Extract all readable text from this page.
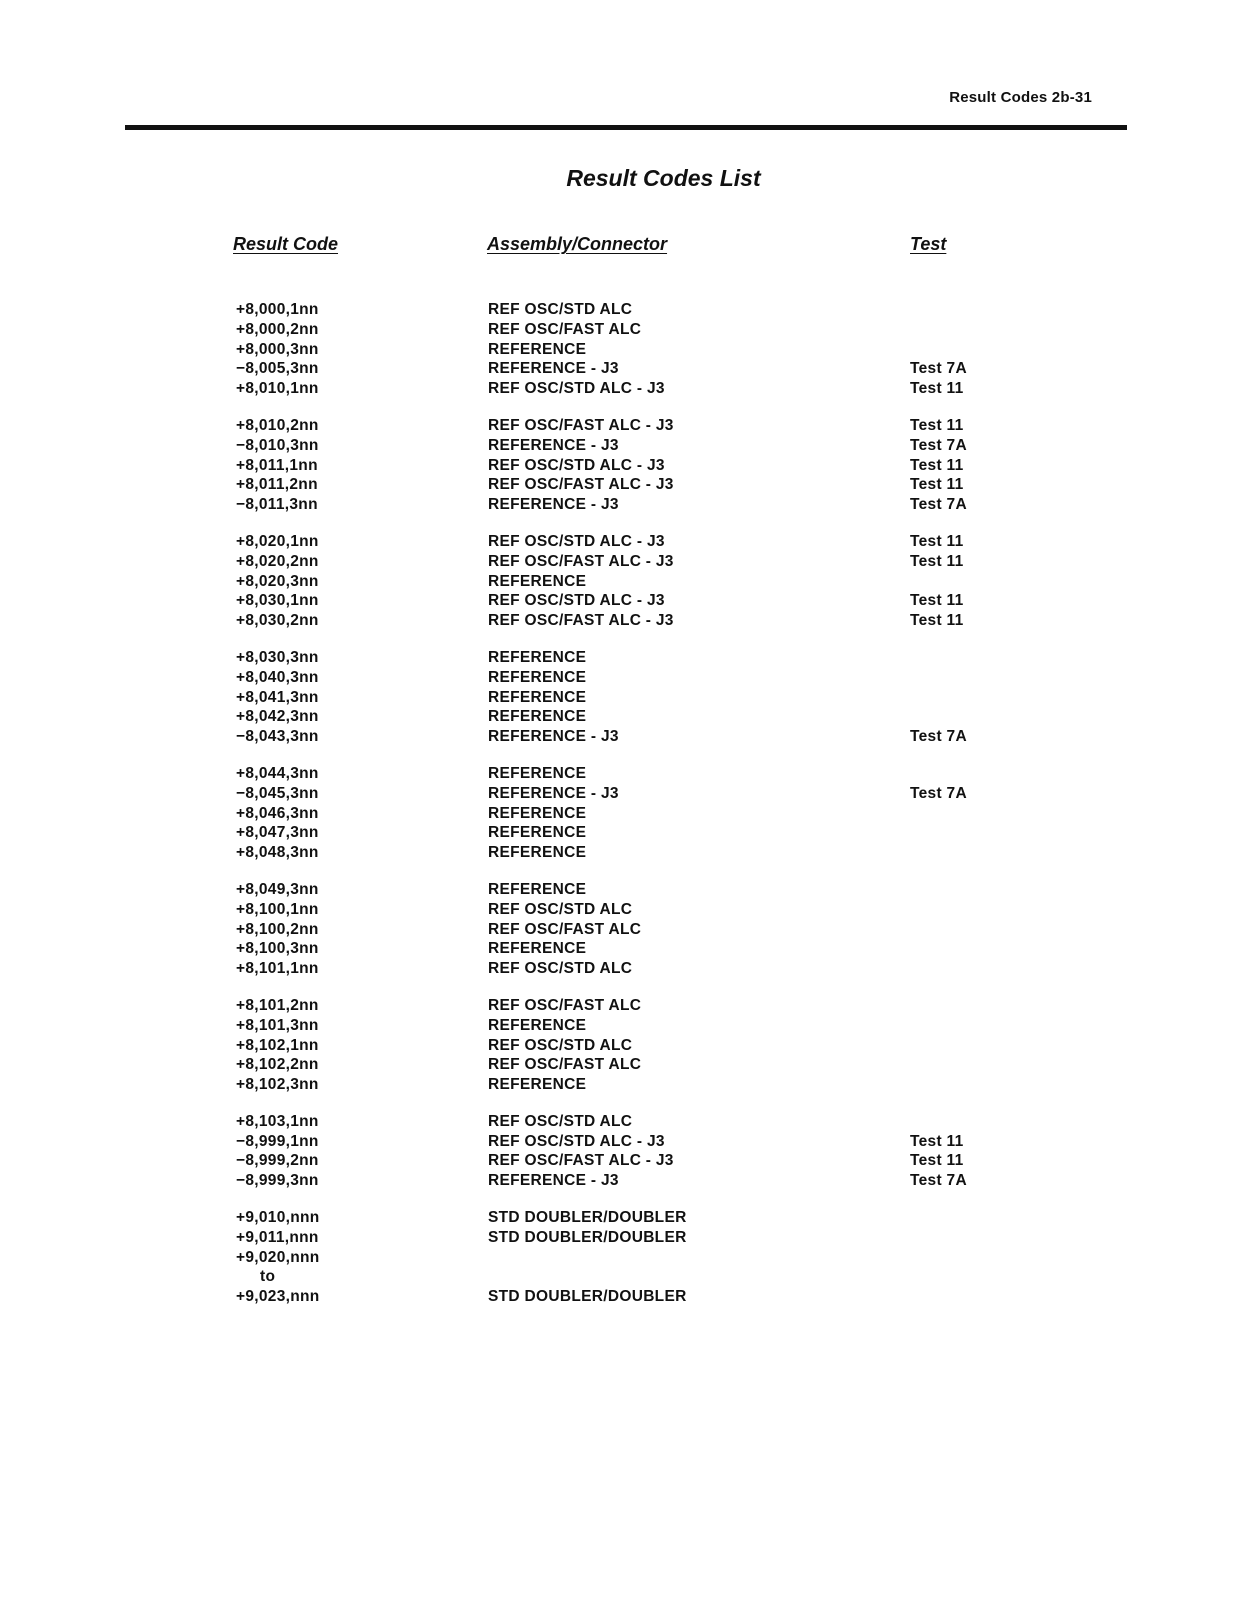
Result Codes 2b-31
Result Codes List
Result Code	Assembly/Connector	Test
+8,000,1nn	REF OSC/STD ALC
+8,000,2nn	REF OSC/FAST ALC
+8,000,3nn	REFERENCE
−8,005,3nn	REFERENCE - J3	Test 7A
+8,010,1nn	REF OSC/STD ALC - J3	Test 11
+8,010,2nn	REF OSC/FAST ALC - J3	Test 11
−8,010,3nn	REFERENCE - J3	Test 7A
+8,011,1nn	REF OSC/STD ALC - J3	Test 11
+8,011,2nn	REF OSC/FAST ALC - J3	Test 11
−8,011,3nn	REFERENCE - J3	Test 7A
+8,020,1nn	REF OSC/STD ALC - J3	Test 11
+8,020,2nn	REF OSC/FAST ALC - J3	Test 11
+8,020,3nn	REFERENCE
+8,030,1nn	REF OSC/STD ALC - J3	Test 11
+8,030,2nn	REF OSC/FAST ALC - J3	Test 11
+8,030,3nn	REFERENCE
+8,040,3nn	REFERENCE
+8,041,3nn	REFERENCE
+8,042,3nn	REFERENCE
−8,043,3nn	REFERENCE - J3	Test 7A
+8,044,3nn	REFERENCE
−8,045,3nn	REFERENCE - J3	Test 7A
+8,046,3nn	REFERENCE
+8,047,3nn	REFERENCE
+8,048,3nn	REFERENCE
+8,049,3nn	REFERENCE
+8,100,1nn	REF OSC/STD ALC
+8,100,2nn	REF OSC/FAST ALC
+8,100,3nn	REFERENCE
+8,101,1nn	REF OSC/STD ALC
+8,101,2nn	REF OSC/FAST ALC
+8,101,3nn	REFERENCE
+8,102,1nn	REF OSC/STD ALC
+8,102,2nn	REF OSC/FAST ALC
+8,102,3nn	REFERENCE
+8,103,1nn	REF OSC/STD ALC
−8,999,1nn	REF OSC/STD ALC - J3	Test 11
−8,999,2nn	REF OSC/FAST ALC - J3	Test 11
−8,999,3nn	REFERENCE - J3	Test 7A
+9,010,nnn	STD DOUBLER/DOUBLER
+9,011,nnn	STD DOUBLER/DOUBLER
+9,020,nnn
to
+9,023,nnn	STD DOUBLER/DOUBLER
